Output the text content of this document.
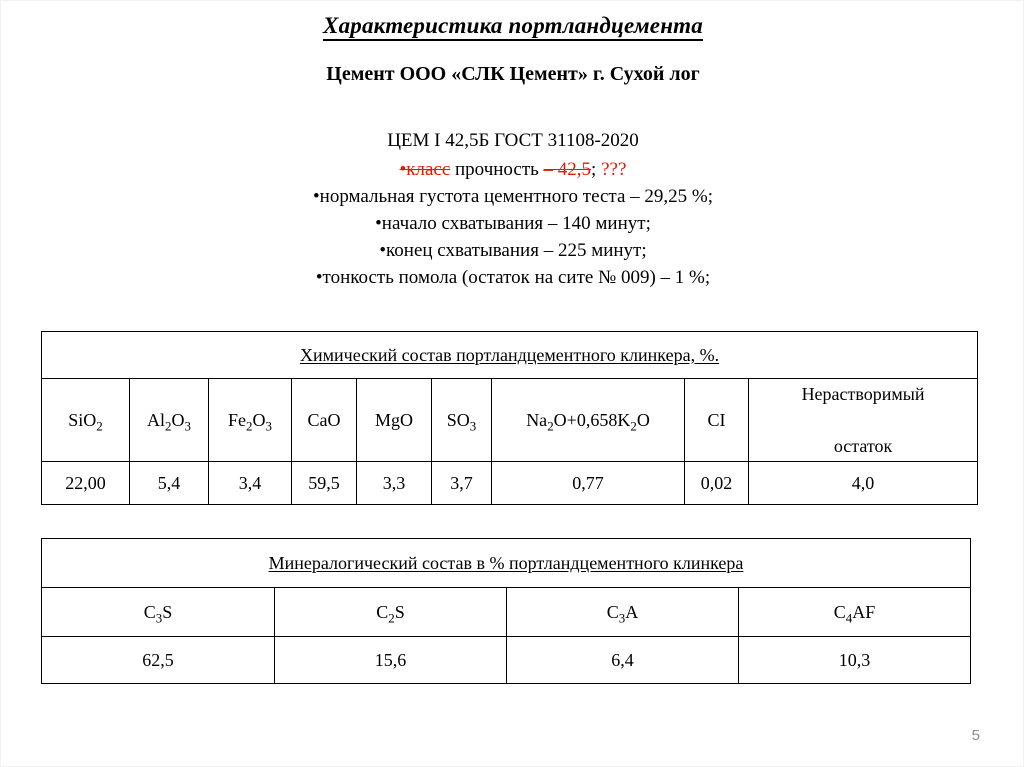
Характеристика портландцемента
Цемент ООО «СЛК Цемент» г. Сухой лог
ЦЕМ I 42,5Б ГОСТ 31108-2020
•класс прочность – 42,5; ???
•нормальная густота цементного теста – 29,25 %;
•начало схватывания – 140 минут;
•конец схватывания – 225 минут;
•тонкость помола (остаток на сите № 009) – 1 %;
Химический состав портландцементного клинкера, %.								
SiO$_2$	$Al_2O_3$	$Fe_2O_3$	CaO	MgO	$SO_3$	$Na_2O+0,658K_2O$	CI	Нерастворимый

остаток
22,00	5,4	3,4	59,5	3,3	3,7	0,77	0,02	4,0
Минералогический состав в % портландцементного клинкера			
$C_3S$	$C_2S$	$C_3A$	$C_4AF$
62,5	15,6	6,4	10,3
5
